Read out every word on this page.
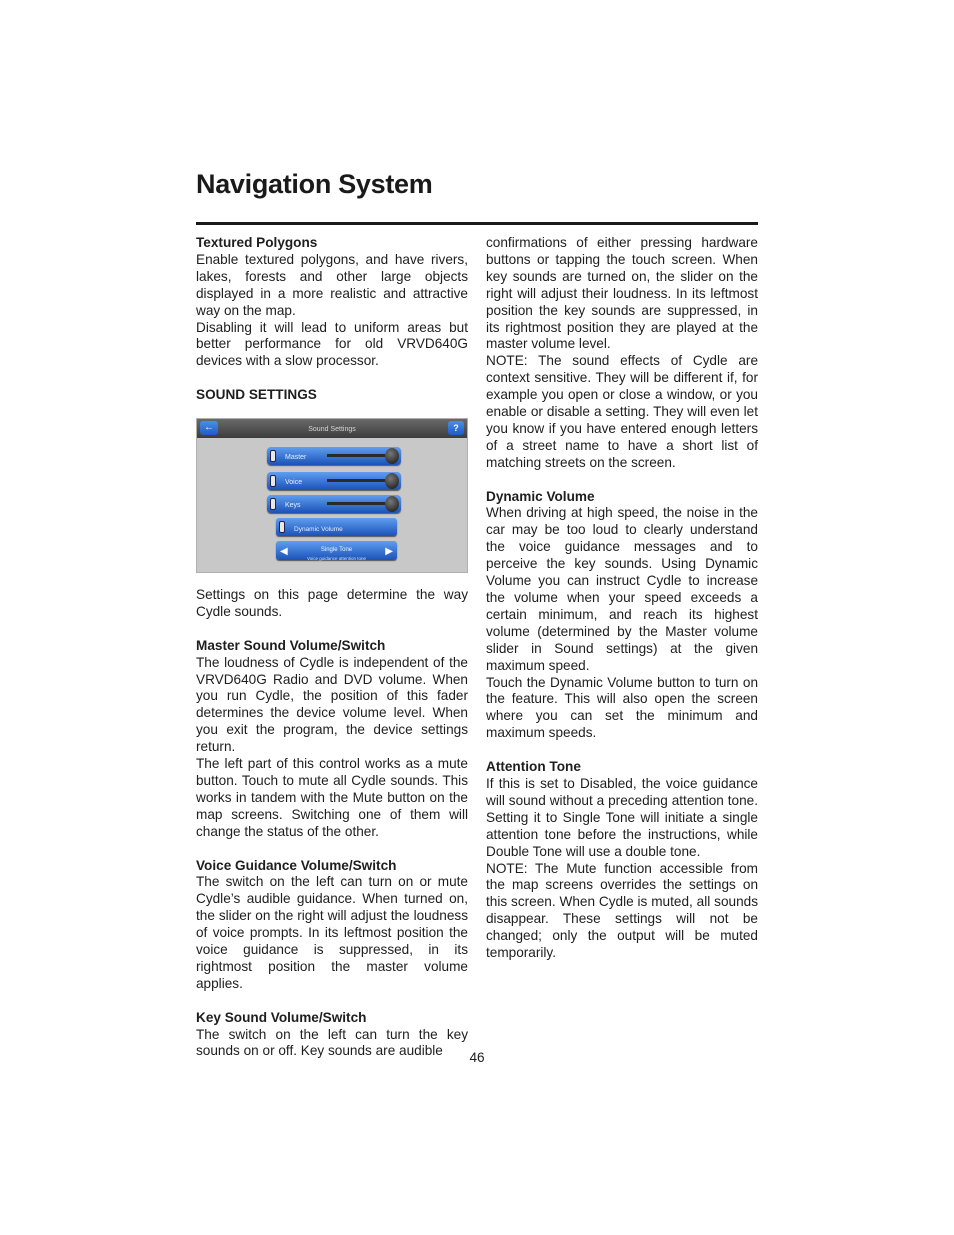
Navigation System
Textured Polygons

Enable textured polygons, and have rivers, lakes, forests and other large objects displayed in a more realistic and attractive way on the map.

Disabling it will lead to uniform areas but better performance for old VRVD640G devices with a slow processor.

SOUND SETTINGS
←	Sound Settings	?
Master
Voice
Keys
Dynamic Volume
◀	Single Tone
Voice guidance attention tone
▶

Settings on this page determine the way Cydle sounds.

Master Sound Volume/Switch

The loudness of Cydle is independent of the VRVD640G Radio and DVD volume. When you run Cydle, the position of this fader determines the device volume level. When you exit the program, the device settings return.

The left part of this control works as a mute button. Touch to mute all Cydle sounds. This works in tandem with the Mute button on the map screens. Switching one of them will change the status of the other.

Voice Guidance Volume/Switch

The switch on the left can turn on or mute Cydle’s audible guidance. When turned on, the slider on the right will adjust the loudness of voice prompts. In its leftmost position the voice guidance is suppressed, in its rightmost position the master volume applies.

Key Sound Volume/Switch

The switch on the left can turn the key sounds on or off. Key sounds are audible

confirmations of either pressing hardware buttons or tapping the touch screen. When key sounds are turned on, the slider on the right will adjust their loudness. In its leftmost position the key sounds are suppressed, in its rightmost position they are played at the master volume level.

NOTE: The sound effects of Cydle are context sensitive. They will be different if, for example you open or close a window, or you enable or disable a setting. They will even let you know if you have entered enough letters of a street name to have a short list of matching streets on the screen.

Dynamic Volume

When driving at high speed, the noise in the car may be too loud to clearly understand the voice guidance messages and to perceive the key sounds. Using Dynamic Volume you can instruct Cydle to increase the volume when your speed exceeds a certain minimum, and reach its highest volume (determined by the Master volume slider in Sound settings) at the given maximum speed.

Touch the Dynamic Volume button to turn on the feature. This will also open the screen where you can set the minimum and maximum speeds.

Attention Tone

If this is set to Disabled, the voice guidance will sound without a preceding attention tone. Setting it to Single Tone will initiate a single attention tone before the instructions, while Double Tone will use a double tone.

NOTE: The Mute function accessible from the map screens overrides the settings on this screen. When Cydle is muted, all sounds disappear. These settings will not be changed; only the output will be muted temporarily.

46
